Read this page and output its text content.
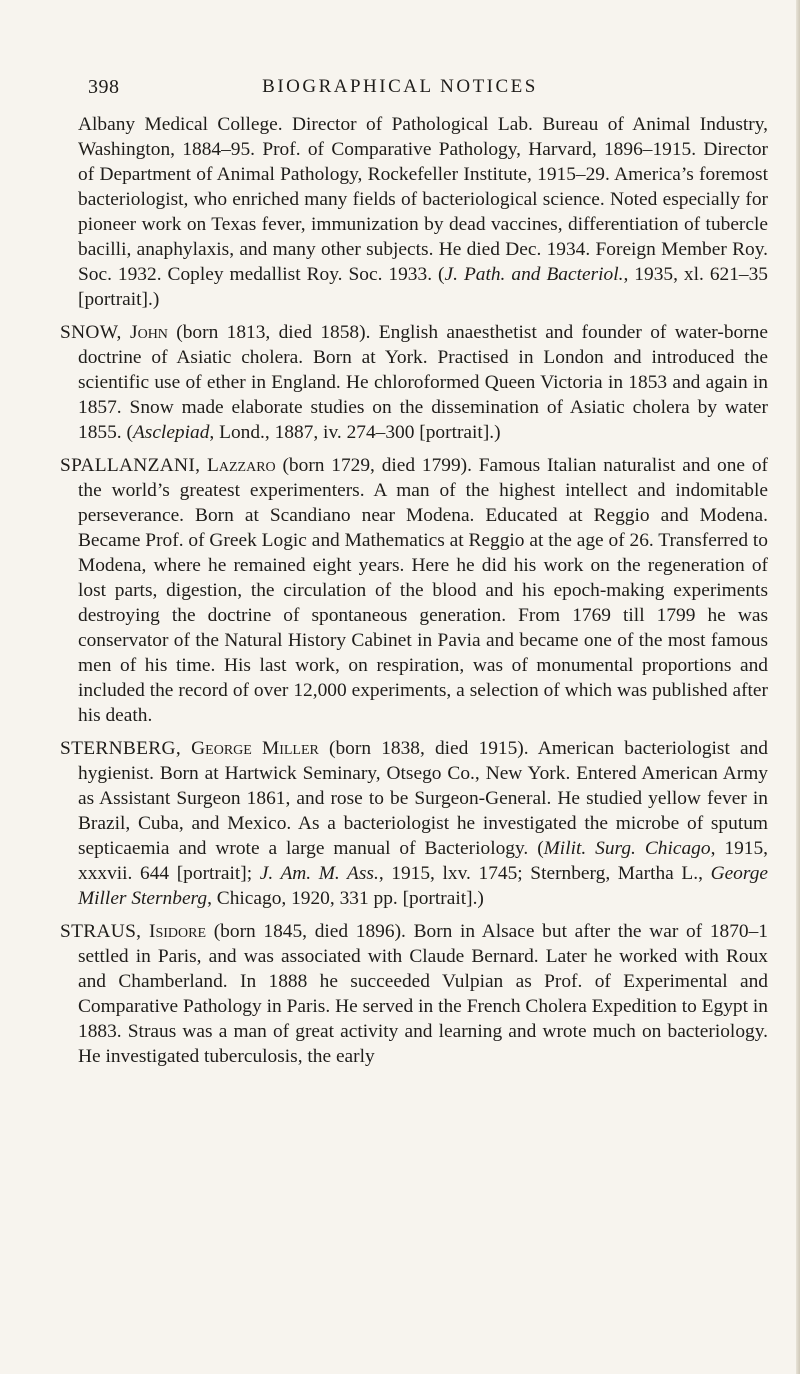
398	BIOGRAPHICAL NOTICES

Albany Medical College. Director of Pathological Lab. Bureau of Animal Industry, Washington, 1884–95. Prof. of Comparative Pathology, Harvard, 1896–1915. Director of Department of Animal Pathology, Rockefeller Institute, 1915–29. America’s foremost bacteriologist, who enriched many fields of bacteriological science. Noted especially for pioneer work on Texas fever, immunization by dead vaccines, differentiation of tubercle bacilli, anaphylaxis, and many other subjects. He died Dec. 1934. Foreign Member Roy. Soc. 1932. Copley medallist Roy. Soc. 1933. (J. Path. and Bacteriol., 1935, xl. 621–35 [portrait].)

SNOW, John (born 1813, died 1858). English anaesthetist and founder of water-borne doctrine of Asiatic cholera. Born at York. Practised in London and introduced the scientific use of ether in England. He chloroformed Queen Victoria in 1853 and again in 1857. Snow made elaborate studies on the dissemination of Asiatic cholera by water 1855. (Asclepiad, Lond., 1887, iv. 274–300 [portrait].)

SPALLANZANI, Lazzaro (born 1729, died 1799). Famous Italian naturalist and one of the world’s greatest experimenters. A man of the highest intellect and indomitable perseverance. Born at Scandiano near Modena. Educated at Reggio and Modena. Became Prof. of Greek Logic and Mathematics at Reggio at the age of 26. Transferred to Modena, where he remained eight years. Here he did his work on the regeneration of lost parts, digestion, the circulation of the blood and his epoch-making experiments destroying the doctrine of spontaneous generation. From 1769 till 1799 he was conservator of the Natural History Cabinet in Pavia and became one of the most famous men of his time. His last work, on respiration, was of monumental proportions and included the record of over 12,000 experiments, a selection of which was published after his death.

STERNBERG, George Miller (born 1838, died 1915). American bacteriologist and hygienist. Born at Hartwick Seminary, Otsego Co., New York. Entered American Army as Assistant Surgeon 1861, and rose to be Surgeon-General. He studied yellow fever in Brazil, Cuba, and Mexico. As a bacteriologist he investigated the microbe of sputum septicaemia and wrote a large manual of Bacteriology. (Milit. Surg. Chicago, 1915, xxxvii. 644 [portrait]; J. Am. M. Ass., 1915, lxv. 1745; Sternberg, Martha L., George Miller Sternberg, Chicago, 1920, 331 pp. [portrait].)

STRAUS, Isidore (born 1845, died 1896). Born in Alsace but after the war of 1870–1 settled in Paris, and was associated with Claude Bernard. Later he worked with Roux and Chamberland. In 1888 he succeeded Vulpian as Prof. of Experimental and Comparative Pathology in Paris. He served in the French Cholera Expedition to Egypt in 1883. Straus was a man of great activity and learning and wrote much on bacteriology. He investigated tuberculosis, the early
